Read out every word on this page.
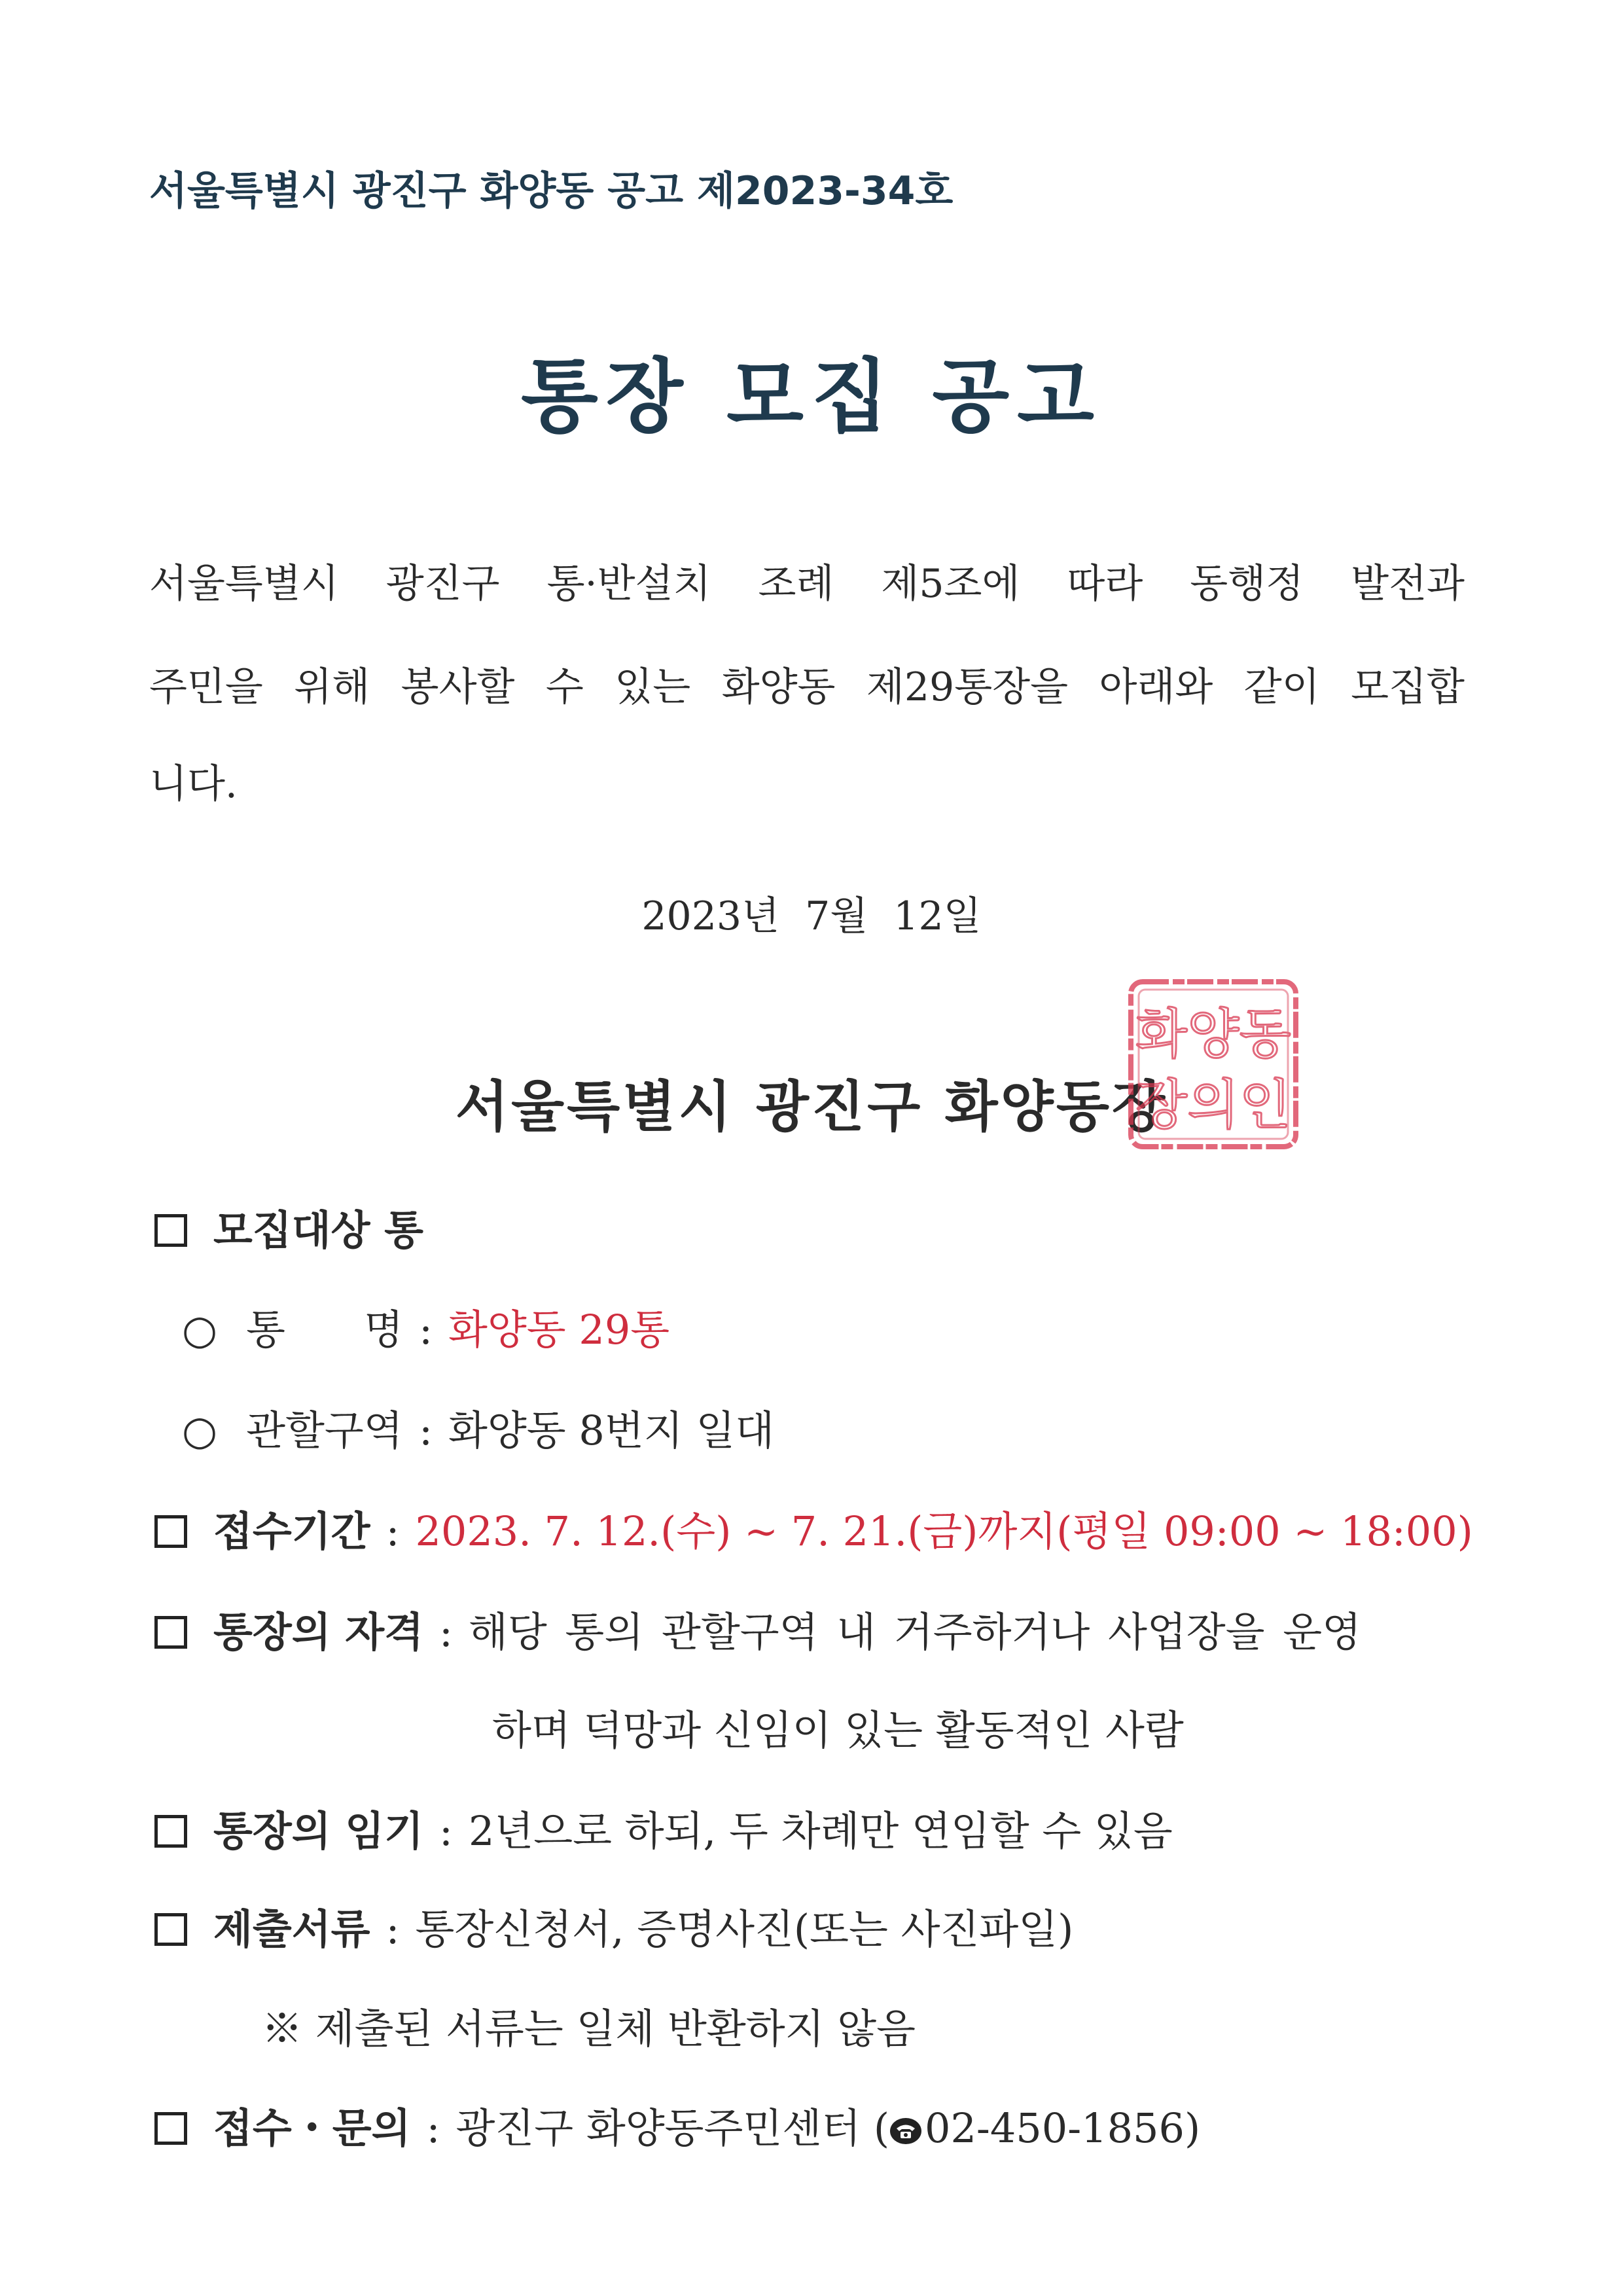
서울특별시 광진구 화양동 공고 제2023-34호
통장 모집 공고
서울특별시 광진구 통·반설치 조례 제5조에 따라 동행정 발전과
주민을 위해 봉사할 수 있는 화양동 제29통장을 아래와 같이 모집합
니다.
2023년 7월 12일
서울특별시 광진구 화양동장
화양동
장의인
모집대상 통
○ 통 명 : 화양동 29통
○ 관할구역 : 화양동 8번지 일대
접수기간 : 2023. 7. 12.(수) ~ 7. 21.(금)까지(평일 09:00 ~ 18:00)
통장의 자격 : 해당 통의 관할구역 내 거주하거나 사업장을 운영
하며 덕망과 신임이 있는 활동적인 사람
통장의 임기 : 2년으로 하되, 두 차례만 연임할 수 있음
제출서류 : 통장신청서, 증명사진(또는 사진파일)
※ 제출된 서류는 일체 반환하지 않음
접수・문의 : 광진구 화양동주민센터 ( 02-450-1856)
